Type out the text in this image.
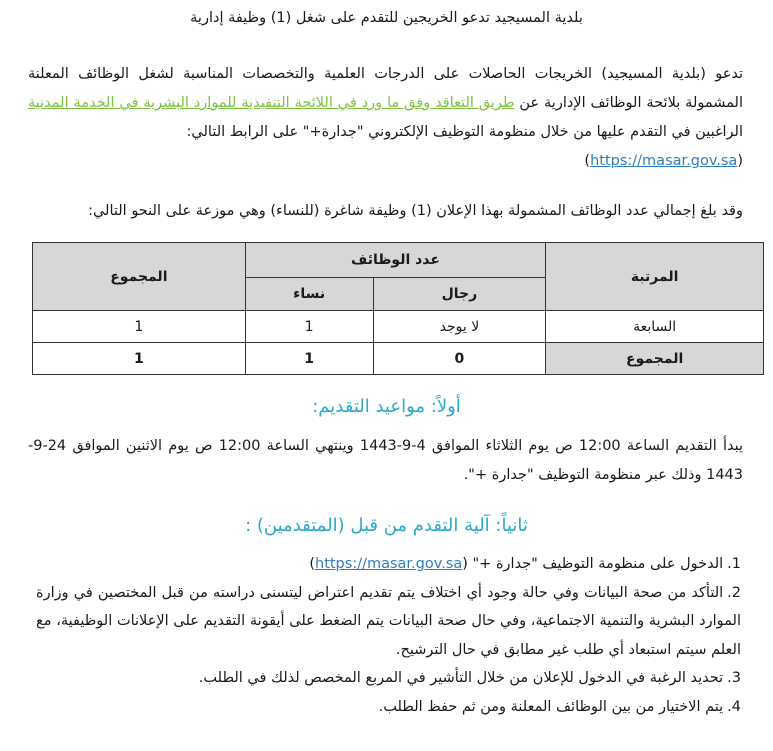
بلدية المسيجيد تدعو الخريجين للتقدم على شغل (1) وظيفة إدارية
تدعو (بلدية المسيجيد) الخريجات الحاصلات على الدرجات العلمية والتخصصات المناسبة لشغل الوظائف المعلنة المشمولة بلائحة الوظائف الإدارية عن طريق التعاقد وفق ما ورد في اللائحة التنفيذية للموارد البشرية في الخدمة المدنية الراغبين في التقدم عليها من خلال منظومة التوظيف الإلكتروني "جدارة+" على الرابط التالي:
(https://masar.gov.sa)
وقد بلغ إجمالي عدد الوظائف المشمولة بهذا الإعلان (1) وظيفة شاغرة (للنساء) وهي موزعة على النحو التالي:
المرتبة	عدد الوظائف		المجموع
	رجال	نساء	
السابعة	لا يوجد	1	1
المجموع	0	1	1
أولاً: مواعيد التقديم:
يبدأ التقديم الساعة 12:00 ص يوم الثلاثاء الموافق 4-9-1443 وينتهي الساعة 12:00 ص يوم الاثنين الموافق 24-9-1443 وذلك عبر منظومة التوظيف "جدارة +".
ثانياً: آلية التقدم من قبل (المتقدمين) :
1.الدخول على منظومة التوظيف "جدارة +" (https://masar.gov.sa)
2.التأكد من صحة البيانات وفي حالة وجود أي اختلاف يتم تقديم اعتراض ليتسنى دراسته من قبل المختصين في وزارة الموارد البشرية والتنمية الاجتماعية، وفي حال صحة البيانات يتم الضغط على أيقونة التقديم على الإعلانات الوظيفية، مع العلم سيتم استبعاد أي طلب غير مطابق في حال الترشيح.
3.تحديد الرغبة في الدخول للإعلان من خلال التأشير في المربع المخصص لذلك في الطلب.
4.يتم الاختيار من بين الوظائف المعلنة ومن ثم حفظ الطلب.
